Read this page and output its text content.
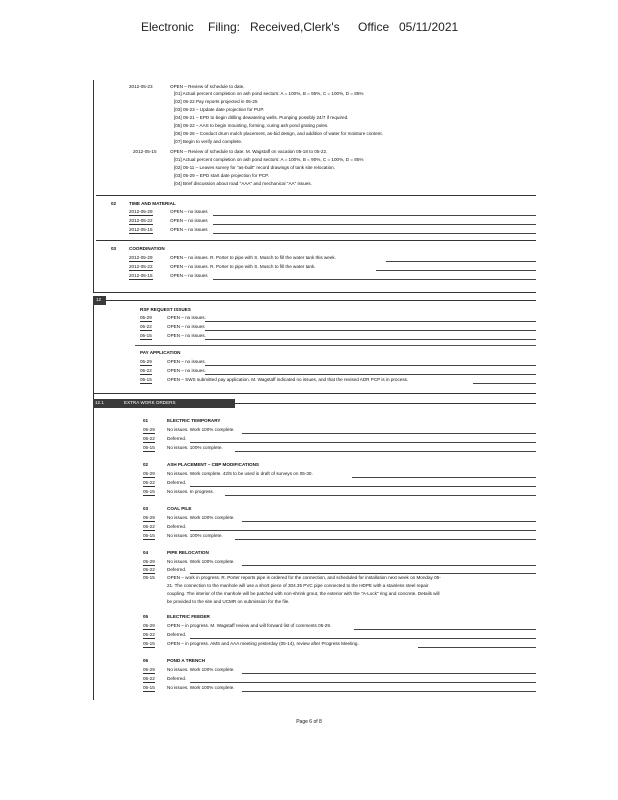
Electronic Filing: Received,Clerk's Office 05/11/2021
2012-05-23	OPEN – Review of schedule to date.
[01] Actual percent completion on ash pond sectors: A = 100%, B = 95%, C = 100%, D = 85%
[02] 05-22 Pay reports projected in 05-25
[03] 05-23 – Update date projection for PUP.
[04] 05-21 – EPD to begin drilling dewatering wells. Pumping possibly 24/7 if required.
[05] 05-22 – AAS to begin mounting, forming, curing ash pond grating poles.
[06] 05-26 – Conduct drum mulch placement, as-bid design, and addition of water for moisture content.
[07] Begin to verify and complete.
2012-05-15	OPEN – Review of schedule to date. M. Wagstaff on vacation 05-18 to 05-22.
[01] Actual percent completion on ash pond sectors: A = 100%, B = 90%, C = 100%, D = 85%
[02] 05-11 – Leaves survey for "as-built" record drawings of tank site relocation.
[03] 05-29 – EPD start date projection for PCP.
[04] Brief discussion about road "AAA" and mechanical "AA" issues.
02	TIME AND MATERIAL
2012-05-29	OPEN – no issues
2012-05-22	OPEN – no issues
2012-05-15	OPEN – no issues
03	COORDINATION
2012-05-29	OPEN – no issues. R. Porter to pipe with S. Musch to fill the water tank this week.
2012-05-22	OPEN – no issues. R. Porter to pipe with S. Musch to fill the water tank.
2012-05-15	OPEN – no issues
12
RSF REQUEST ISSUES
05-29	OPEN – no issues.
05-22	OPEN – no issues
05-15	OPEN – no issues.
PAY APPLICATION
05-29	OPEN – no issues.
05-22	OPEN – no issues.
05-15	OPEN – SWS submitted pay application. M. Wagstaff indicated no issues, and that the revised ADR PCP is in process.
12.1	EXTRA WORK ORDERS
01	ELECTRIC TEMPORARY
05-29	No issues. Work 100% complete.
05-22	Deferred.
05-15	No issues. 100% complete.
02	ASH PLACEMENT – CBP MODIFICATIONS
05-29	No issues. Work complete. 42/5 to be used in draft of surveys on 05-30.
05-22	Deferred.
05-15	No issues. In progress.
03	COAL PILE
05-29	No issues. Work 100% complete.
05-22	Deferred.
05-15	No issues. 100% complete.
04	PIPE RELOCATION
05-29	No issues. Work 100% complete.
05-22	Deferred.
05-15	OPEN – work in progress. R. Porter reports pipe is ordered for the connection, and scheduled for installation next week on Monday 05-
21. The connection to the manhole will use a short piece of 304.35 PVC pipe connected to the HDPE with a stainless steel repair
coupling. The interior of the manhole will be patched with non-shrink grout, the exterior with the "A-Lock" ring and concrete. Details will
be provided to the site and UCMR on submission for the file.
05	ELECTRIC FEEDER
05-29	OPEN – in progress. M. Wagstaff review and will forward list of comments 05-29.
05-22	Deferred.
05-15	OPEN – in progress. AMS and AAA meeting yesterday (05-14), review after Progress Meeting.
06	POND A TRENCH
05-29	No issues. Work 100% complete.
05-22	Deferred.
05-15	No issues. Work 100% complete.
Page 6 of 8
